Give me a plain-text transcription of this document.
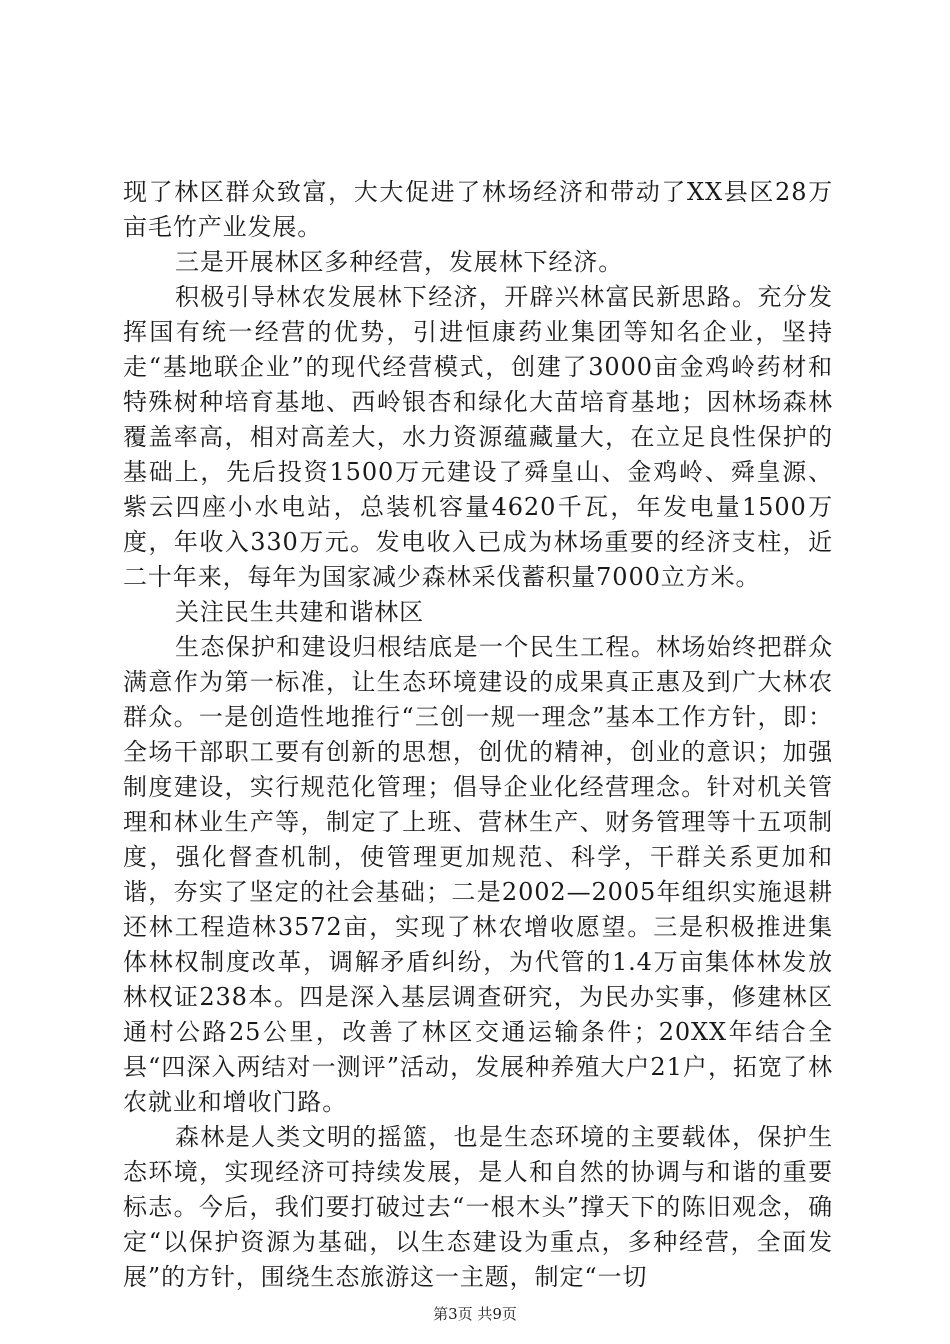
现了林区群众致富，大大促进了林场经济和带动了XX县区28万亩毛竹产业发展。

三是开展林区多种经营，发展林下经济。

积极引导林农发展林下经济，开辟兴林富民新思路。充分发挥国有统一经营的优势，引进恒康药业集团等知名企业，坚持走“基地联企业”的现代经营模式，创建了3000亩金鸡岭药材和特殊树种培育基地、西岭银杏和绿化大苗培育基地；因林场森林覆盖率高，相对高差大，水力资源蕴藏量大，在立足良性保护的基础上，先后投资1500万元建设了舜皇山、金鸡岭、舜皇源、紫云四座小水电站，总装机容量4620千瓦，年发电量1500万度，年收入330万元。发电收入已成为林场重要的经济支柱，近二十年来，每年为国家减少森林采伐蓄积量7000立方米。

关注民生共建和谐林区

生态保护和建设归根结底是一个民生工程。林场始终把群众满意作为第一标准，让生态环境建设的成果真正惠及到广大林农群众。一是创造性地推行“三创一规一理念”基本工作方针，即：全场干部职工要有创新的思想，创优的精神，创业的意识；加强制度建设，实行规范化管理；倡导企业化经营理念。针对机关管理和林业生产等，制定了上班、营林生产、财务管理等十五项制度，强化督查机制，使管理更加规范、科学，干群关系更加和谐，夯实了坚定的社会基础；二是2002—2005年组织实施退耕还林工程造林3572亩，实现了林农增收愿望。三是积极推进集体林权制度改革，调解矛盾纠纷，为代管的1.4万亩集体林发放林权证238本。四是深入基层调查研究，为民办实事，修建林区通村公路25公里，改善了林区交通运输条件；20XX年结合全县“四深入两结对一测评”活动，发展种养殖大户21户，拓宽了林农就业和增收门路。

森林是人类文明的摇篮，也是生态环境的主要载体，保护生态环境，实现经济可持续发展，是人和自然的协调与和谐的重要标志。今后，我们要打破过去“一根木头”撑天下的陈旧观念，确定“以保护资源为基础，以生态建设为重点，多种经营，全面发展”的方针，围绕生态旅游这一主题，制定“一切

第3页 共9页
